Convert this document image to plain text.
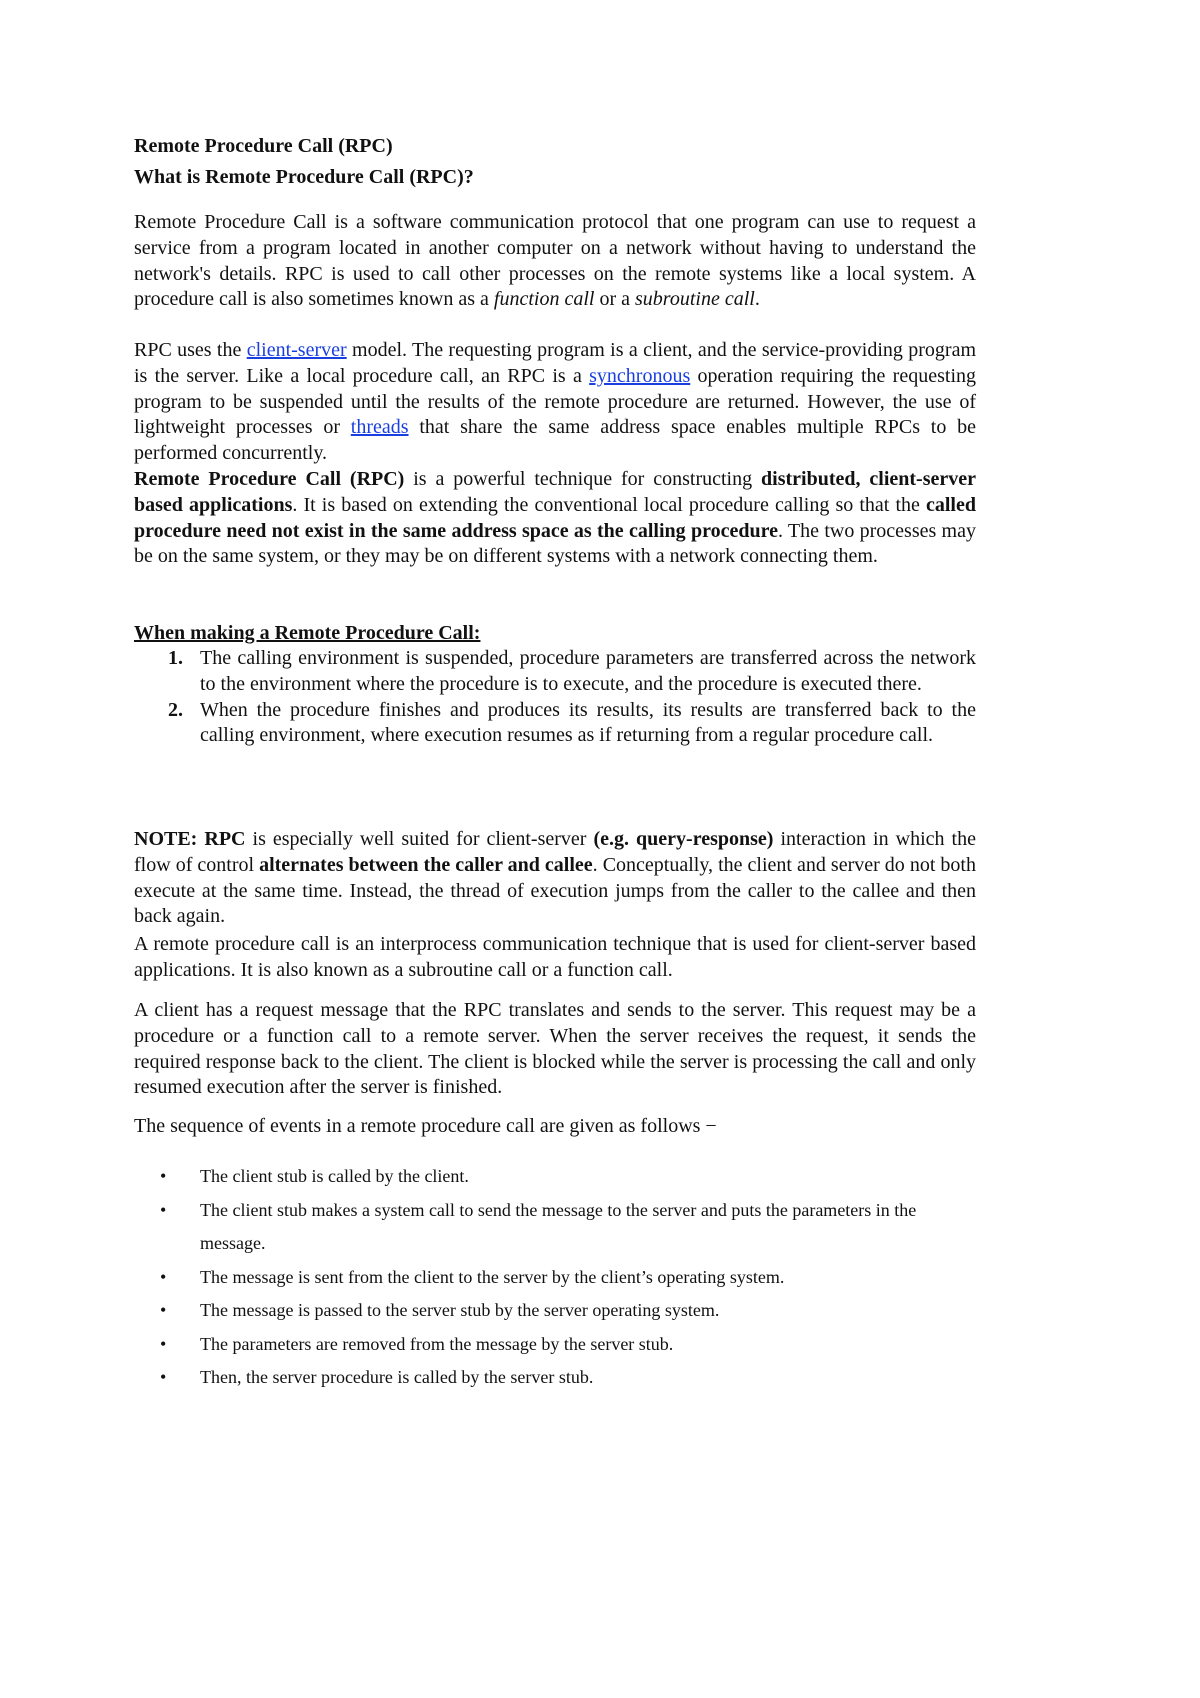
Remote Procedure Call (RPC)
What is Remote Procedure Call (RPC)?
Remote Procedure Call is a software communication protocol that one program can use to request a service from a program located in another computer on a network without having to understand the network's details. RPC is used to call other processes on the remote systems like a local system. A procedure call is also sometimes known as a function call or a subroutine call.
RPC uses the client-server model. The requesting program is a client, and the service-providing program is the server. Like a local procedure call, an RPC is a synchronous operation requiring the requesting program to be suspended until the results of the remote procedure are returned. However, the use of lightweight processes or threads that share the same address space enables multiple RPCs to be performed concurrently.
Remote Procedure Call (RPC) is a powerful technique for constructing distributed, client-server based applications. It is based on extending the conventional local procedure calling so that the called procedure need not exist in the same address space as the calling procedure. The two processes may be on the same system, or they may be on different systems with a network connecting them.
When making a Remote Procedure Call:
1. The calling environment is suspended, procedure parameters are transferred across the network to the environment where the procedure is to execute, and the procedure is executed there.
2. When the procedure finishes and produces its results, its results are transferred back to the calling environment, where execution resumes as if returning from a regular procedure call.
NOTE: RPC is especially well suited for client-server (e.g. query-response) interaction in which the flow of control alternates between the caller and callee. Conceptually, the client and server do not both execute at the same time. Instead, the thread of execution jumps from the caller to the callee and then back again.
A remote procedure call is an interprocess communication technique that is used for client-server based applications. It is also known as a subroutine call or a function call.
A client has a request message that the RPC translates and sends to the server. This request may be a procedure or a function call to a remote server. When the server receives the request, it sends the required response back to the client. The client is blocked while the server is processing the call and only resumed execution after the server is finished.
The sequence of events in a remote procedure call are given as follows −
• The client stub is called by the client.
• The client stub makes a system call to send the message to the server and puts the parameters in the message.
• The message is sent from the client to the server by the client’s operating system.
• The message is passed to the server stub by the server operating system.
• The parameters are removed from the message by the server stub.
• Then, the server procedure is called by the server stub.
